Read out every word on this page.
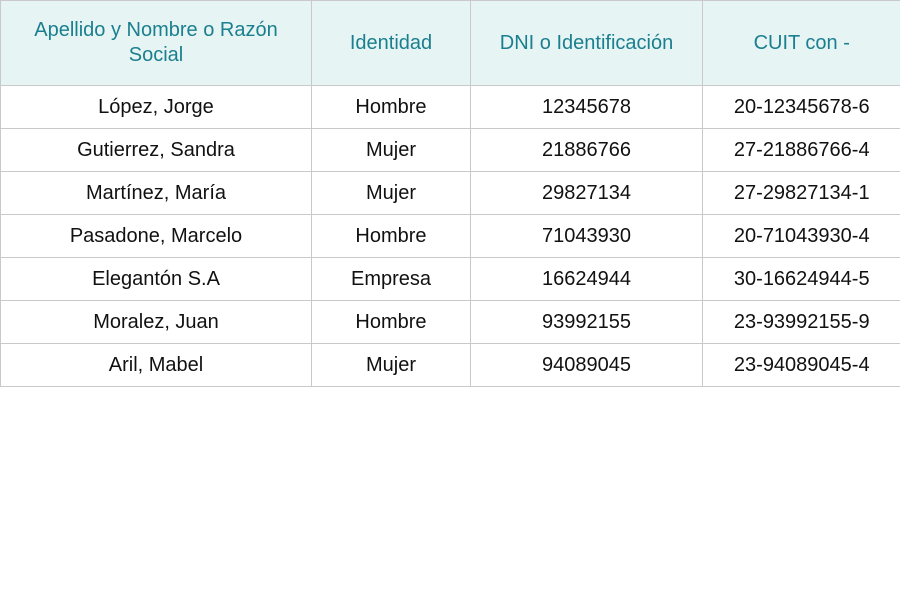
Apellido y Nombre o Razón Social	Identidad	DNI o Identificación	CUIT con -
López, Jorge	Hombre	12345678	20-12345678-6
Gutierrez, Sandra	Mujer	21886766	27-21886766-4
Martínez, María	Mujer	29827134	27-29827134-1
Pasadone, Marcelo	Hombre	71043930	20-71043930-4
Elegantón S.A	Empresa	16624944	30-16624944-5
Moralez, Juan	Hombre	93992155	23-93992155-9
Aril, Mabel	Mujer	94089045	23-94089045-4
